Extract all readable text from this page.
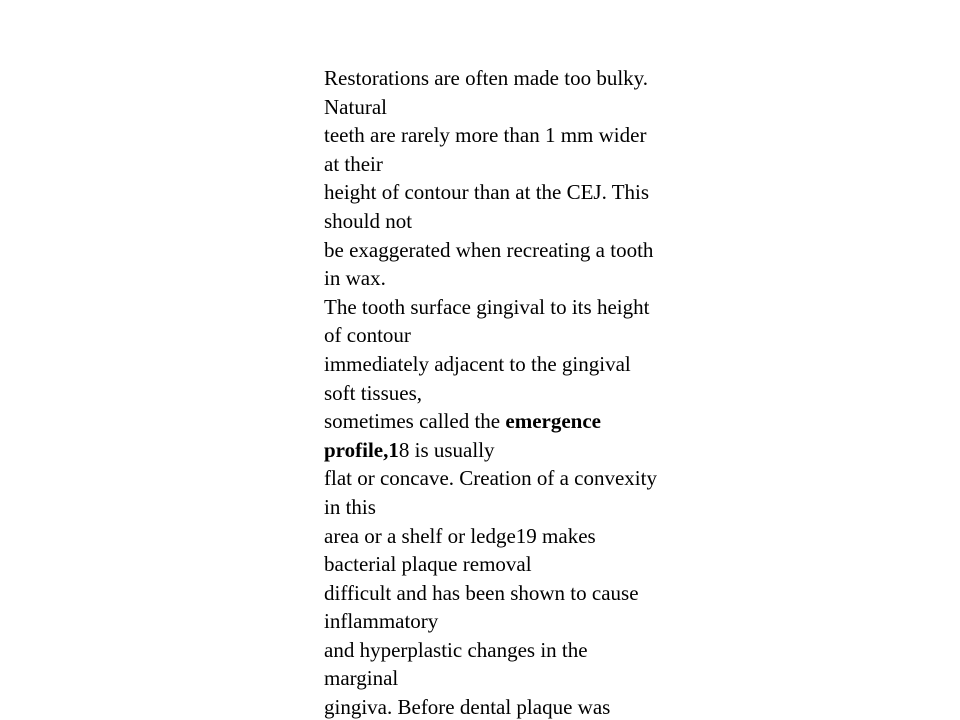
Restorations are often made too bulky.
Natural
teeth are rarely more than 1 mm wider
at their
height of contour than at the CEJ. This
should not
be exaggerated when recreating a tooth
in wax.
The tooth surface gingival to its height
of contour
immediately adjacent to the gingival
soft tissues,
sometimes called the emergence
profile,18 is usually
flat or concave. Creation of a convexity
in this
area or a shelf or ledge19 makes
bacterial plaque removal
difficult and has been shown to cause
inflammatory
and hyperplastic changes in the
marginal
gingiva. Before dental plaque was
